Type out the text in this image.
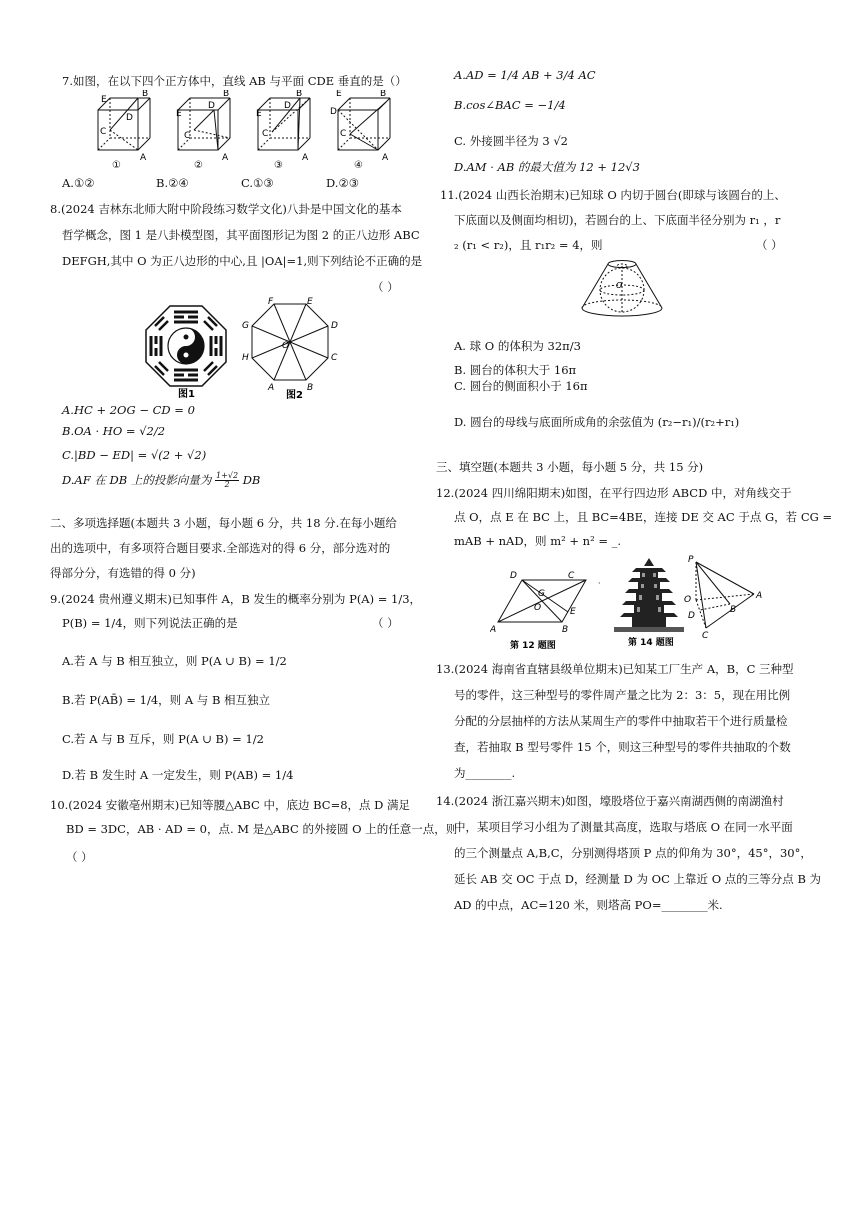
7.如图，在以下四个正方体中，直线 AB 与平面 CDE 垂直的是（）
E
B
D
C
A
①
E
B
D
C
A
②
E
B
D
C
A
③
E	B
D
C
A
④
A.①②	B.②④	C.①③	D.②③
8.(2024 吉林东北师大附中阶段练习数学文化)八卦是中国文化的基本
哲学概念，图 1 是八卦模型图，其平面图形记为图 2 的正八边形 ABC
DEFGH,其中 O 为正八边形的中心,且 |OA|=1,则下列结论不正确的是
（ ）
图1
F	E
G	D
H	C
A	B
O
图2
A.HC + 2OG − CD = 0
B.OA · HO = √2/2
C.|BD − ED| = √(2 + √2)
D.AF 在 DB 上的投影向量为 $\frac{1+√2}{2}$ DB
二、多项选择题(本题共 3 小题，每小题 6 分，共 18 分.在每小题给
出的选项中，有多项符合题目要求.全部选对的得 6 分，部分选对的
得部分分，有选错的得 0 分)
9.(2024 贵州遵义期末)已知事件 A，B 发生的概率分别为 P(A) = 1/3，
P(B) = 1/4，则下列说法正确的是	（ ）
A.若 A 与 B 相互独立，则 P(A ∪ B) = 1/2
B.若 P(AB̄) = 1/4，则 A 与 B 相互独立
C.若 A 与 B 互斥，则 P(A ∪ B) = 1/2
D.若 B 发生时 A 一定发生，则 P(AB) = 1/4
10.(2024 安徽亳州期末)已知等腰△ABC 中，底边 BC=8，点 D 满足
BD = 3DC，AB · AD = 0，点. M 是△ABC 的外接圆 O 上的任意一点，则
（ ）
A.AD = 1/4 AB + 3/4 AC
B.cos∠BAC = −1/4
C. 外接圆半径为 3 √2
D.AM · AB 的最大值为 12 + 12√3
11.(2024 山西长治期末)已知球 O 内切于圆台(即球与该圆台的上、
下底面以及侧面均相切)，若圆台的上、下底面半径分别为 r₁ ，r
₂ (r₁ < r₂)，且 r₁r₂ = 4，则	（ ）
O
A. 球 O 的体积为 32π/3
B. 圆台的体积大于 16π
C. 圆台的侧面积小于 16π
D. 圆台的母线与底面所成角的余弦值为 (r₂−r₁)/(r₂+r₁)
三、填空题(本题共 3 小题，每小题 5 分，共 15 分)
12.(2024 四川绵阳期末)如图，在平行四边形 ABCD 中，对角线交于
点 O，点 E 在 BC 上，且 BC=4BE，连接 DE 交 AC 于点 G，若 CG =
mAB + nAD，则 m² + n² = _.
D	C
A	B
G
O	E
第 12 题图
·
第 14 题图
P
O	A
B
D
C
13.(2024 海南省直辖县级单位期末)已知某工厂生产 A，B，C 三种型
号的零件，这三种型号的零件周产量之比为 2：3：5，现在用比例
分配的分层抽样的方法从某周生产的零件中抽取若干个进行质量检
查，若抽取 B 型号零件 15 个，则这三种型号的零件共抽取的个数
为________.
14.(2024 浙江嘉兴期末)如图，壕股塔位于嘉兴南湖西侧的南湖渔村
中，某项目学习小组为了测量其高度，选取与塔底 O 在同一水平面
的三个测量点 A,B,C，分别测得塔顶 P 点的仰角为 30°，45°，30°，
延长 AB 交 OC 于点 D，经测量 D 为 OC 上靠近 O 点的三等分点 B 为
AD 的中点，AC=120 米，则塔高 PO=________米.
